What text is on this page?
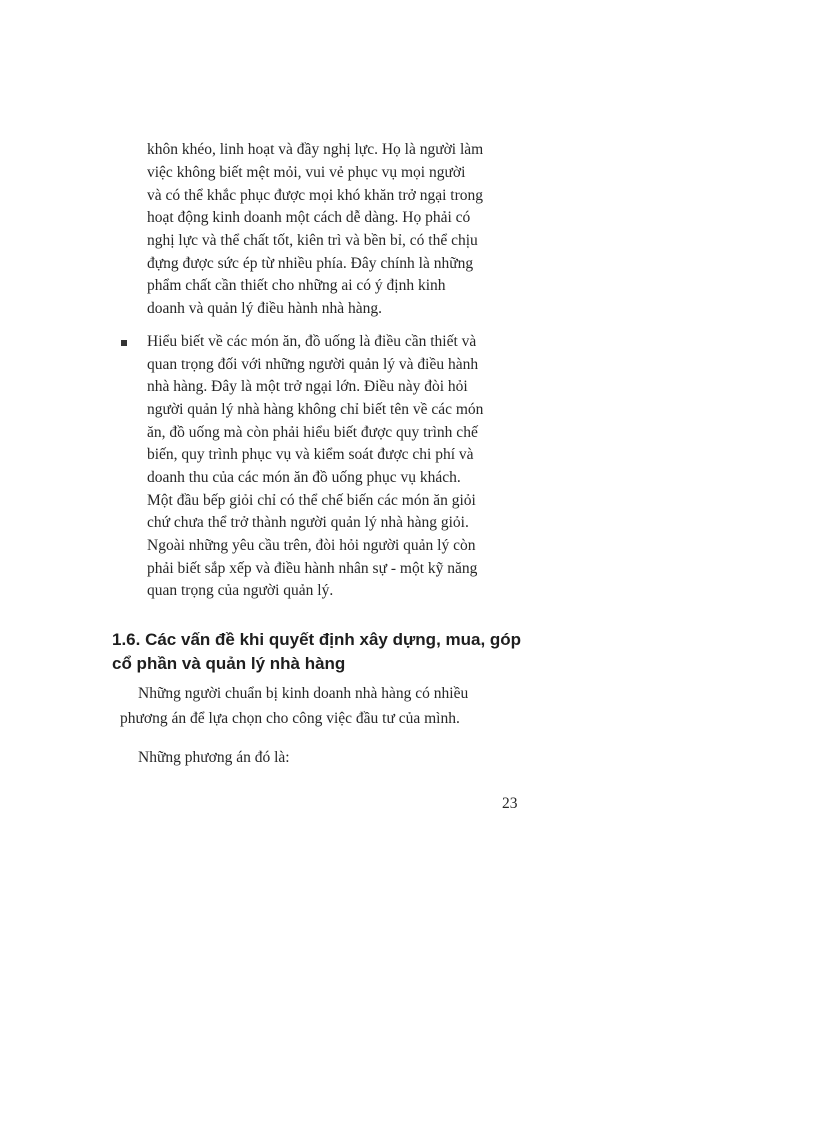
khôn khéo, linh hoạt và đầy nghị lực. Họ là người làm
việc không biết mệt mỏi, vui vẻ phục vụ mọi người
và có thể khắc phục được mọi khó khăn trở ngại trong
hoạt động kinh doanh một cách dễ dàng. Họ phải có
nghị lực và thể chất tốt, kiên trì và bền bỉ, có thể chịu
đựng được sức ép từ nhiều phía. Đây chính là những
phẩm chất cần thiết cho những ai có ý định kinh
doanh và quản lý điều hành nhà hàng.
Hiểu biết về các món ăn, đồ uống là điều cần thiết và
quan trọng đối với những người quản lý và điều hành
nhà hàng. Đây là một trở ngại lớn. Điều này đòi hỏi
người quản lý nhà hàng không chỉ biết tên về các món
ăn, đồ uống mà còn phải hiểu biết được quy trình chế
biến, quy trình phục vụ và kiểm soát được chi phí và
doanh thu của các món ăn đồ uống phục vụ khách.
Một đầu bếp giỏi chỉ có thể chế biến các món ăn giỏi
chứ chưa thể trở thành người quản lý nhà hàng giỏi.
Ngoài những yêu cầu trên, đòi hỏi người quản lý còn
phải biết sắp xếp và điều hành nhân sự - một kỹ năng
quan trọng của người quản lý.
1.6. Các vấn đề khi quyết định xây dựng, mua, góp
cổ phần và quản lý nhà hàng
Những người chuẩn bị kinh doanh nhà hàng có nhiều
phương án để lựa chọn cho công việc đầu tư của mình.
Những phương án đó là:
23
